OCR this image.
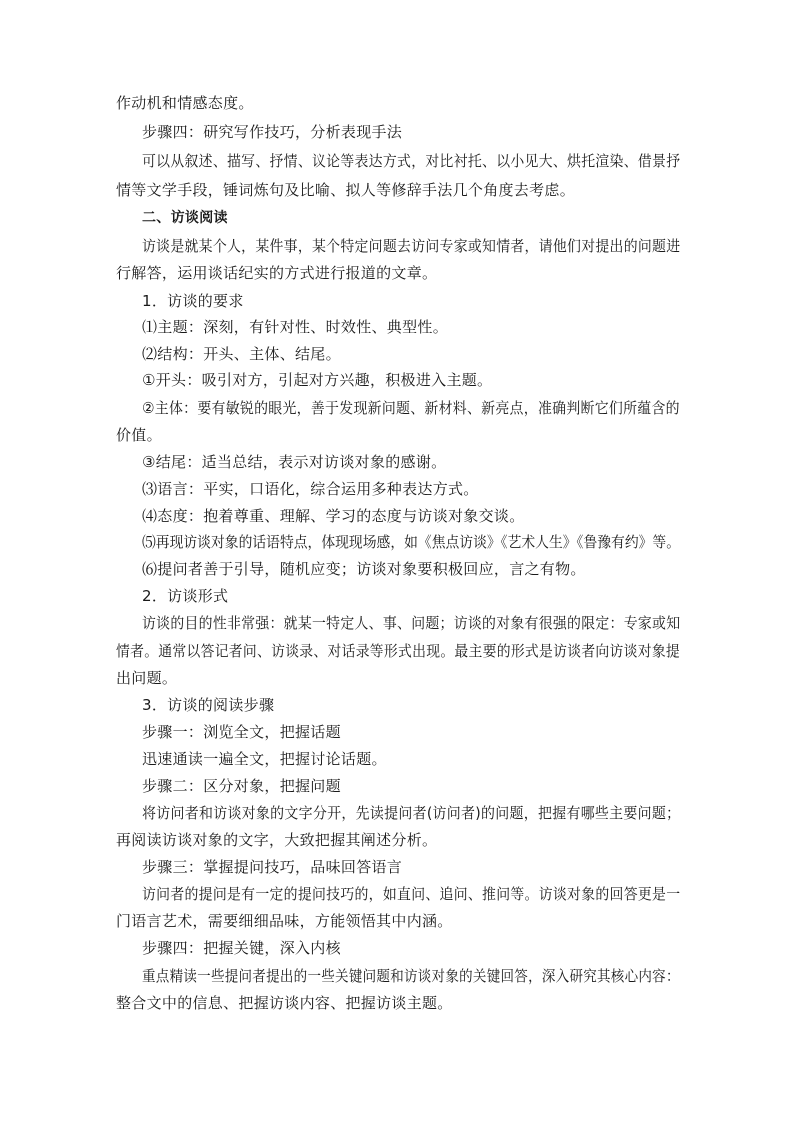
作动机和情感态度。
步骤四：研究写作技巧，分析表现手法
可以从叙述、描写、抒情、议论等表达方式，对比衬托、以小见大、烘托渲染、借景抒
情等文学手段，锤词炼句及比喻、拟人等修辞手法几个角度去考虑。
二、访谈阅读
访谈是就某个人，某件事，某个特定问题去访问专家或知情者，请他们对提出的问题进
行解答，运用谈话纪实的方式进行报道的文章。
1．访谈的要求
⑴主题：深刻，有针对性、时效性、典型性。
⑵结构：开头、主体、结尾。
①开头：吸引对方，引起对方兴趣，积极进入主题。
②主体：要有敏锐的眼光，善于发现新问题、新材料、新亮点，准确判断它们所蕴含的
价值。
③结尾：适当总结，表示对访谈对象的感谢。
⑶语言：平实，口语化，综合运用多种表达方式。
⑷态度：抱着尊重、理解、学习的态度与访谈对象交谈。
⑸再现访谈对象的话语特点，体现现场感，如《焦点访谈》《艺术人生》《鲁豫有约》等。
⑹提问者善于引导，随机应变；访谈对象要积极回应，言之有物。
2．访谈形式
访谈的目的性非常强：就某一特定人、事、问题；访谈的对象有很强的限定：专家或知
情者。通常以答记者问、访谈录、对话录等形式出现。最主要的形式是访谈者向访谈对象提
出问题。
3．访谈的阅读步骤
步骤一：浏览全文，把握话题
迅速通读一遍全文，把握讨论话题。
步骤二：区分对象，把握问题
将访问者和访谈对象的文字分开，先读提问者(访问者)的问题，把握有哪些主要问题；
再阅读访谈对象的文字，大致把握其阐述分析。
步骤三：掌握提问技巧，品味回答语言
访问者的提问是有一定的提问技巧的，如直问、追问、推问等。访谈对象的回答更是一
门语言艺术，需要细细品味，方能领悟其中内涵。
步骤四：把握关键，深入内核
重点精读一些提问者提出的一些关键问题和访谈对象的关键回答，深入研究其核心内容：
整合文中的信息、把握访谈内容、把握访谈主题。
